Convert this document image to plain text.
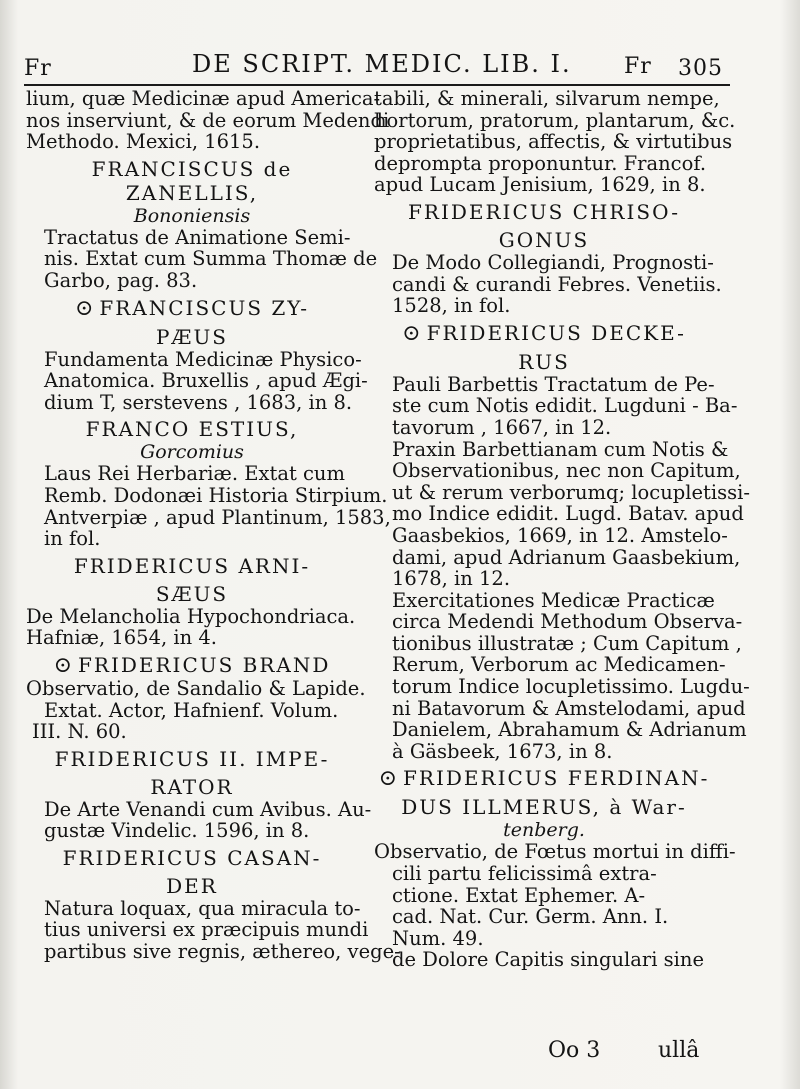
Fr	DE SCRIPT. MEDIC. LIB. I. Fr 305
lium, quæ Medicinæ apud America-
nos inserviunt, & de eorum Medendi
Methodo. Mexici, 1615.
FRANCISCUS de ZANELLIS,
Bononiensis
Tractatus de Animatione Semi-
nis. Extat cum Summa Thomæ de
Garbo, pag. 83.
⊙ FRANCISCUS ZY-
PÆUS
Fundamenta Medicinæ Physico-
Anatomica. Bruxellis , apud Ægi-
dium T, serstevens , 1683, in 8.
FRANCO ESTIUS,
Gorcomius
Laus Rei Herbariæ. Extat cum
Remb. Dodonæi Historia Stirpium.
Antverpiæ , apud Plantinum, 1583,
in fol.
FRIDERICUS ARNI-
SÆUS
De Melancholia Hypochondriaca.
Hafniæ, 1654, in 4.
⊙ FRIDERICUS BRAND
Observatio, de Sandalio & Lapide.
Extat. Actor, Hafnienf. Volum.
III. N. 60.
FRIDERICUS II. IMPE-
RATOR
De Arte Venandi cum Avibus. Au-
gustæ Vindelic. 1596, in 8.
FRIDERICUS CASAN-
DER
Natura loquax, qua miracula to-
tius universi ex præcipuis mundi
partibus sive regnis, æthereo, vege-
tabili, & minerali, silvarum nempe,
hortorum, pratorum, plantarum, &c.
proprietatibus, affectis, & virtutibus
deprompta proponuntur. Francof.
apud Lucam Jenisium, 1629, in 8.
FRIDERICUS CHRISO-
GONUS
De Modo Collegiandi, Prognosti-
candi & curandi Febres. Venetiis.
1528, in fol.
⊙ FRIDERICUS DECKE-
RUS
Pauli Barbettis Tractatum de Pe-
ste cum Notis edidit. Lugduni - Ba-
tavorum , 1667, in 12.
Praxin Barbettianam cum Notis &
Observationibus, nec non Capitum,
ut & rerum verborumq; locupletissi-
mo Indice edidit. Lugd. Batav. apud
Gaasbekios, 1669, in 12. Amstelo-
dami, apud Adrianum Gaasbekium,
1678, in 12.
Exercitationes Medicæ Practicæ
circa Medendi Methodum Observa-
tionibus illustratæ ; Cum Capitum ,
Rerum, Verborum ac Medicamen-
torum Indice locupletissimo. Lugdu-
ni Batavorum & Amstelodami, apud
Danielem, Abrahamum & Adrianum
à Gäsbeek, 1673, in 8.
⊙ FRIDERICUS FERDINAN-
DUS ILLMERUS, à War-
tenberg.
Observatio, de Fœtus mortui in diffi-
cili partu felicissimâ extra-
ctione. Extat Ephemer. A-
cad. Nat. Cur. Germ. Ann. I.
Num. 49.
de Dolore Capitis singulari sine
Oo 3	ullâ
